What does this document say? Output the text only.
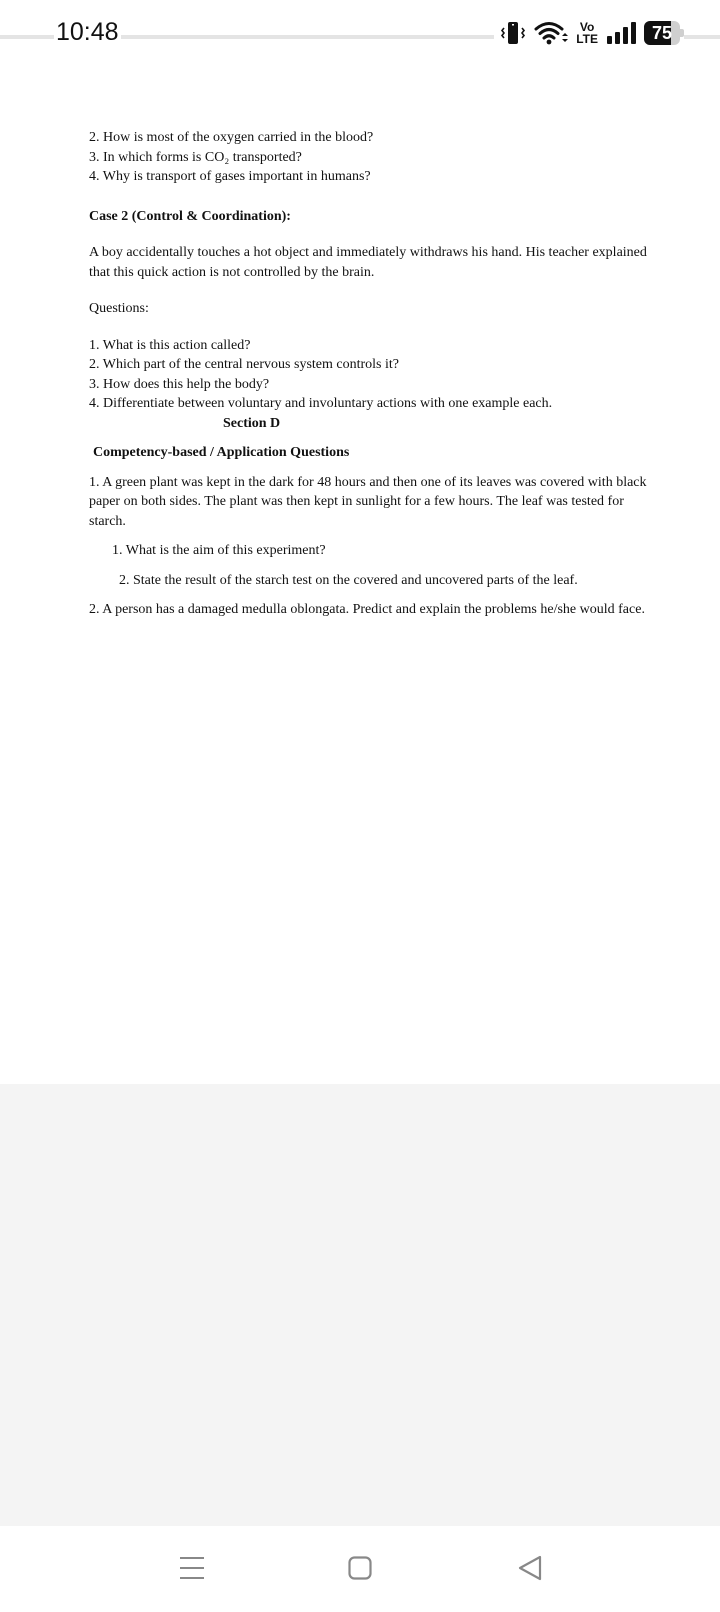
10:48	Vo
LTE	75

2. How is most of the oxygen carried in the blood?

3. In which forms is CO₂ transported?

4. Why is transport of gases important in humans?

Case 2 (Control & Coordination):

A boy accidentally touches a hot object and immediately withdraws his hand. His teacher explained that this quick action is not controlled by the brain.

Questions:

1. What is this action called?

2. Which part of the central nervous system controls it?

3. How does this help the body?

4. Differentiate between voluntary and involuntary actions with one example each.

Section D

Competency-based / Application Questions

1. A green plant was kept in the dark for 48 hours and then one of its leaves was covered with black paper on both sides. The plant was then kept in sunlight for a few hours. The leaf was tested for starch.

1. What is the aim of this experiment?

2. State the result of the starch test on the covered and uncovered parts of the leaf.

2. A person has a damaged medulla oblongata. Predict and explain the problems he/she would face.
